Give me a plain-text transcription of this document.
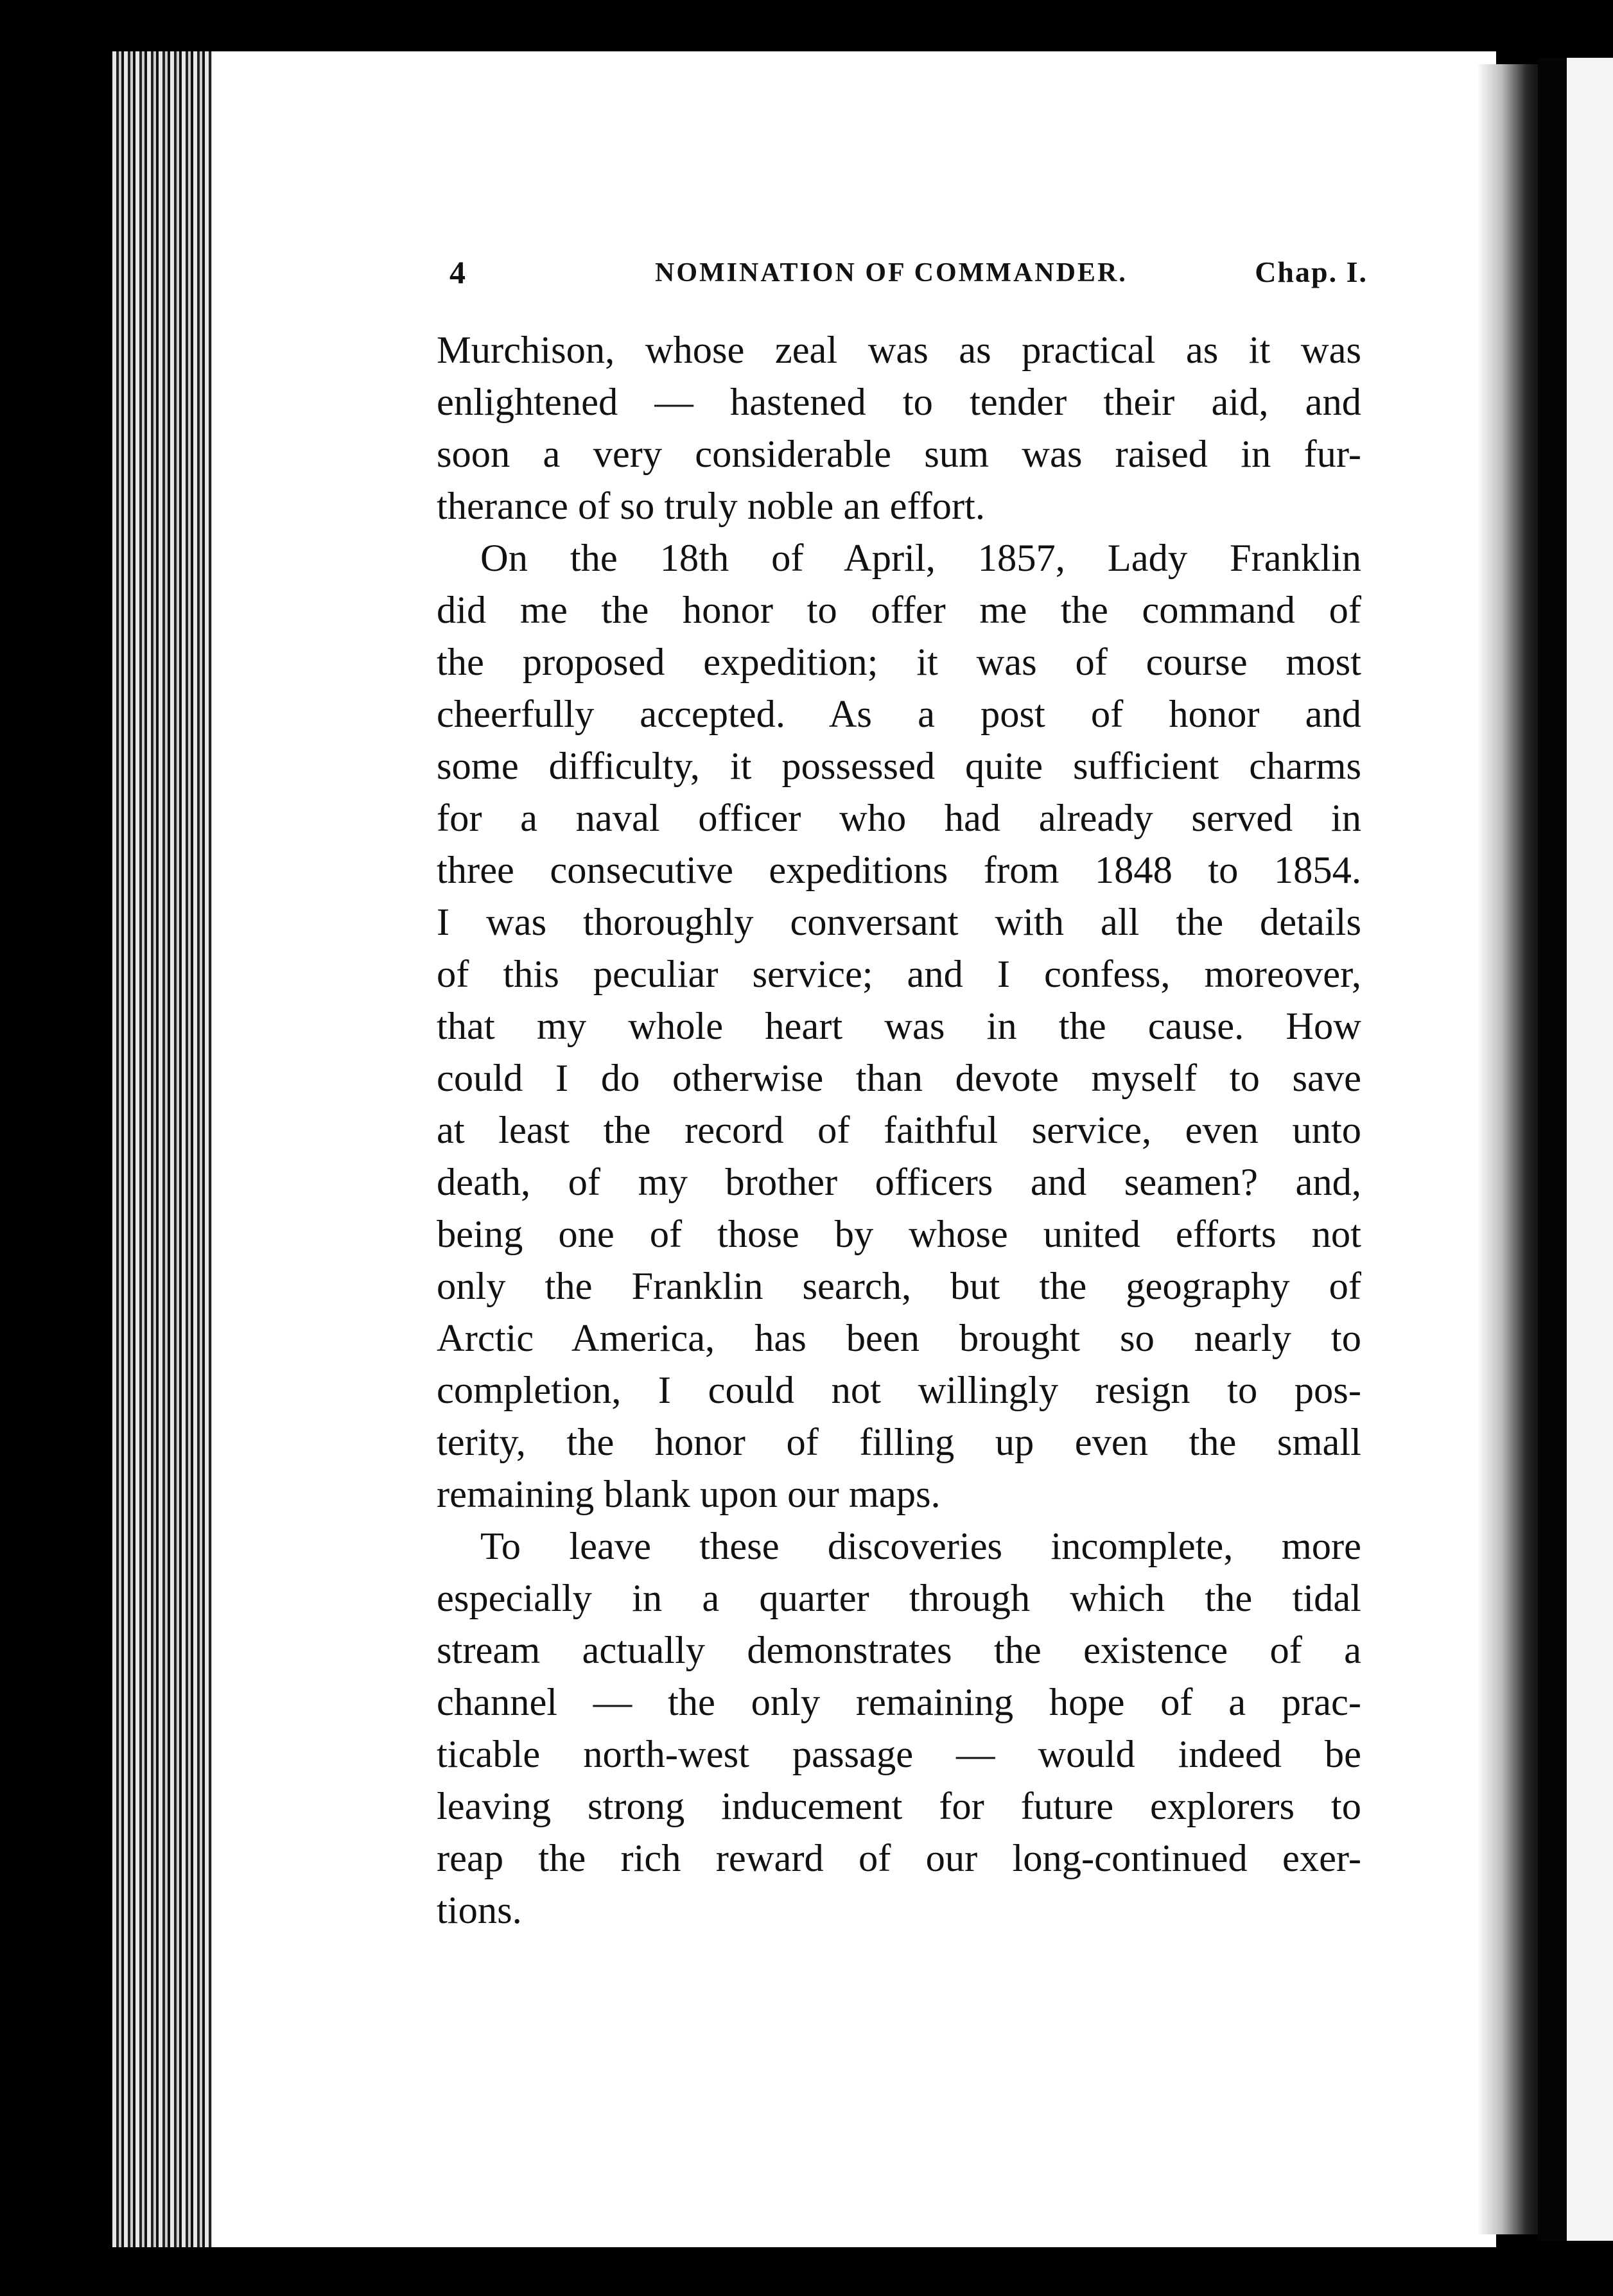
4	NOMINATION OF COMMANDER.	Chap. I.
Murchison, whose zeal was as practical as it was
enlightened — hastened to tender their aid, and
soon a very considerable sum was raised in fur-
therance of so truly noble an effort.
On the 18th of April, 1857, Lady Franklin
did me the honor to offer me the command of
the proposed expedition; it was of course most
cheerfully accepted. As a post of honor and
some difficulty, it possessed quite sufficient charms
for a naval officer who had already served in
three consecutive expeditions from 1848 to 1854.
I was thoroughly conversant with all the details
of this peculiar service; and I confess, moreover,
that my whole heart was in the cause. How
could I do otherwise than devote myself to save
at least the record of faithful service, even unto
death, of my brother officers and seamen? and,
being one of those by whose united efforts not
only the Franklin search, but the geography of
Arctic America, has been brought so nearly to
completion, I could not willingly resign to pos-
terity, the honor of filling up even the small
remaining blank upon our maps.
To leave these discoveries incomplete, more
especially in a quarter through which the tidal
stream actually demonstrates the existence of a
channel — the only remaining hope of a prac-
ticable north-west passage — would indeed be
leaving strong inducement for future explorers to
reap the rich reward of our long-continued exer-
tions.
